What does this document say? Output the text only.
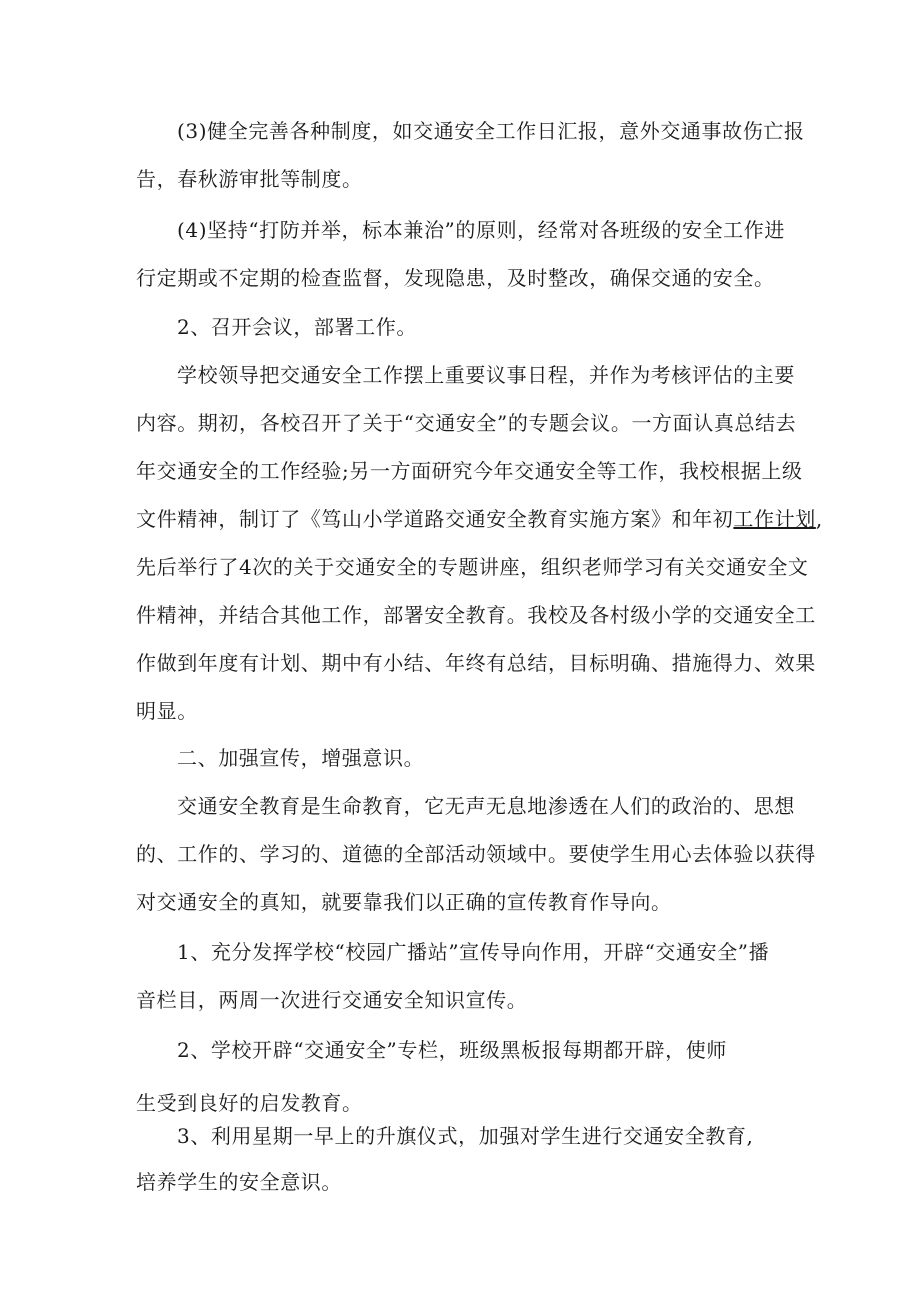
(3)健全完善各种制度，如交通安全工作日汇报，意外交通事故伤亡报
告，春秋游审批等制度。

(4)坚持“打防并举，标本兼治”的原则，经常对各班级的安全工作进
行定期或不定期的检查监督，发现隐患，及时整改，确保交通的安全。

2、召开会议，部署工作。

学校领导把交通安全工作摆上重要议事日程，并作为考核评估的主要
内容。期初，各校召开了关于“交通安全”的专题会议。一方面认真总结去
年交通安全的工作经验;另一方面研究今年交通安全等工作，我校根据上级
文件精神，制订了《笃山小学道路交通安全教育实施方案》和年初工作计划,
先后举行了4次的关于交通安全的专题讲座，组织老师学习有关交通安全文
件精神，并结合其他工作，部署安全教育。我校及各村级小学的交通安全工
作做到年度有计划、期中有小结、年终有总结，目标明确、措施得力、效果
明显。

二、加强宣传，增强意识。

交通安全教育是生命教育，它无声无息地渗透在人们的政治的、思想
的、工作的、学习的、道德的全部活动领域中。要使学生用心去体验以获得
对交通安全的真知，就要靠我们以正确的宣传教育作导向。

1、充分发挥学校“校园广播站”宣传导向作用，开辟“交通安全”播
音栏目，两周一次进行交通安全知识宣传。

2、学校开辟“交通安全”专栏，班级黑板报每期都开辟，使师

生受到良好的启发教育。

3、利用星期一早上的升旗仪式，加强对学生进行交通安全教育,

培养学生的安全意识。
